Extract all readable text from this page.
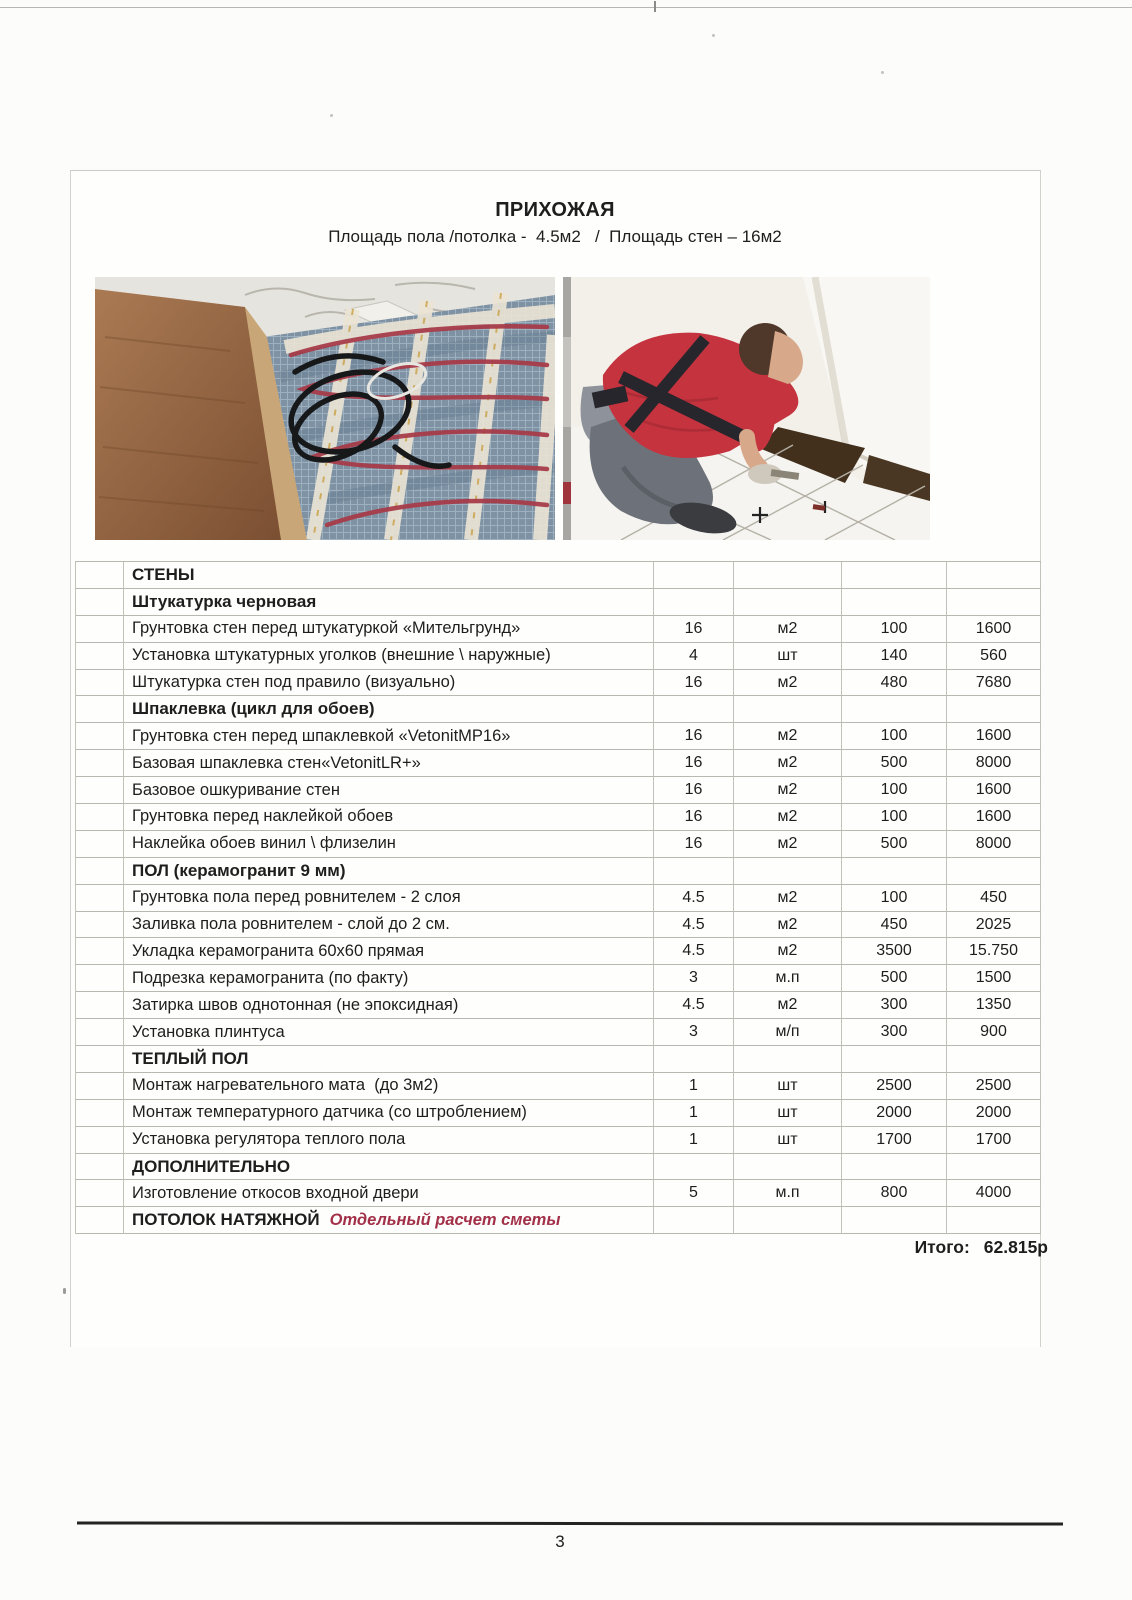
ПРИХОЖАЯ
Площадь пола /потолка -  4.5м2   /  Площадь стен – 16м2
СТЕНЫ
Штукатурка черновая
Грунтовка стен перед штукатуркой «Мительгрунд»	16	м2	100	1600
Установка штукатурных уголков (внешние \ наружные)	4	шт	140	560
Штукатурка стен под правило (визуально)	16	м2	480	7680
Шпаклевка (цикл для обоев)
Грунтовка стен перед шпаклевкой «VetonitMP16»	16	м2	100	1600
Базовая шпаклевка стен«VetonitLR+»	16	м2	500	8000
Базовое ошкуривание стен	16	м2	100	1600
Грунтовка перед наклейкой обоев	16	м2	100	1600
Наклейка обоев винил \ флизелин	16	м2	500	8000
ПОЛ (керамогранит 9 мм)
Грунтовка пола перед ровнителем - 2 слоя	4.5	м2	100	450
Заливка пола ровнителем - слой до 2 см.	4.5	м2	450	2025
Укладка керамогранита 60х60 прямая	4.5	м2	3500	15.750
Подрезка керамогранита (по факту)	3	м.п	500	1500
Затирка швов однотонная (не эпоксидная)	4.5	м2	300	1350
Установка плинтуса	3	м/п	300	900
ТЕПЛЫЙ ПОЛ
Монтаж нагревательного мата  (до 3м2)	1	шт	2500	2500
Монтаж температурного датчика (со штроблением)	1	шт	2000	2000
Установка регулятора теплого пола	1	шт	1700	1700
ДОПОЛНИТЕЛЬНО
Изготовление откосов входной двери	5	м.п	800	4000
ПОТОЛОК НАТЯЖНОЙ Отдельный расчет сметы
Итого: 62.815р
3
